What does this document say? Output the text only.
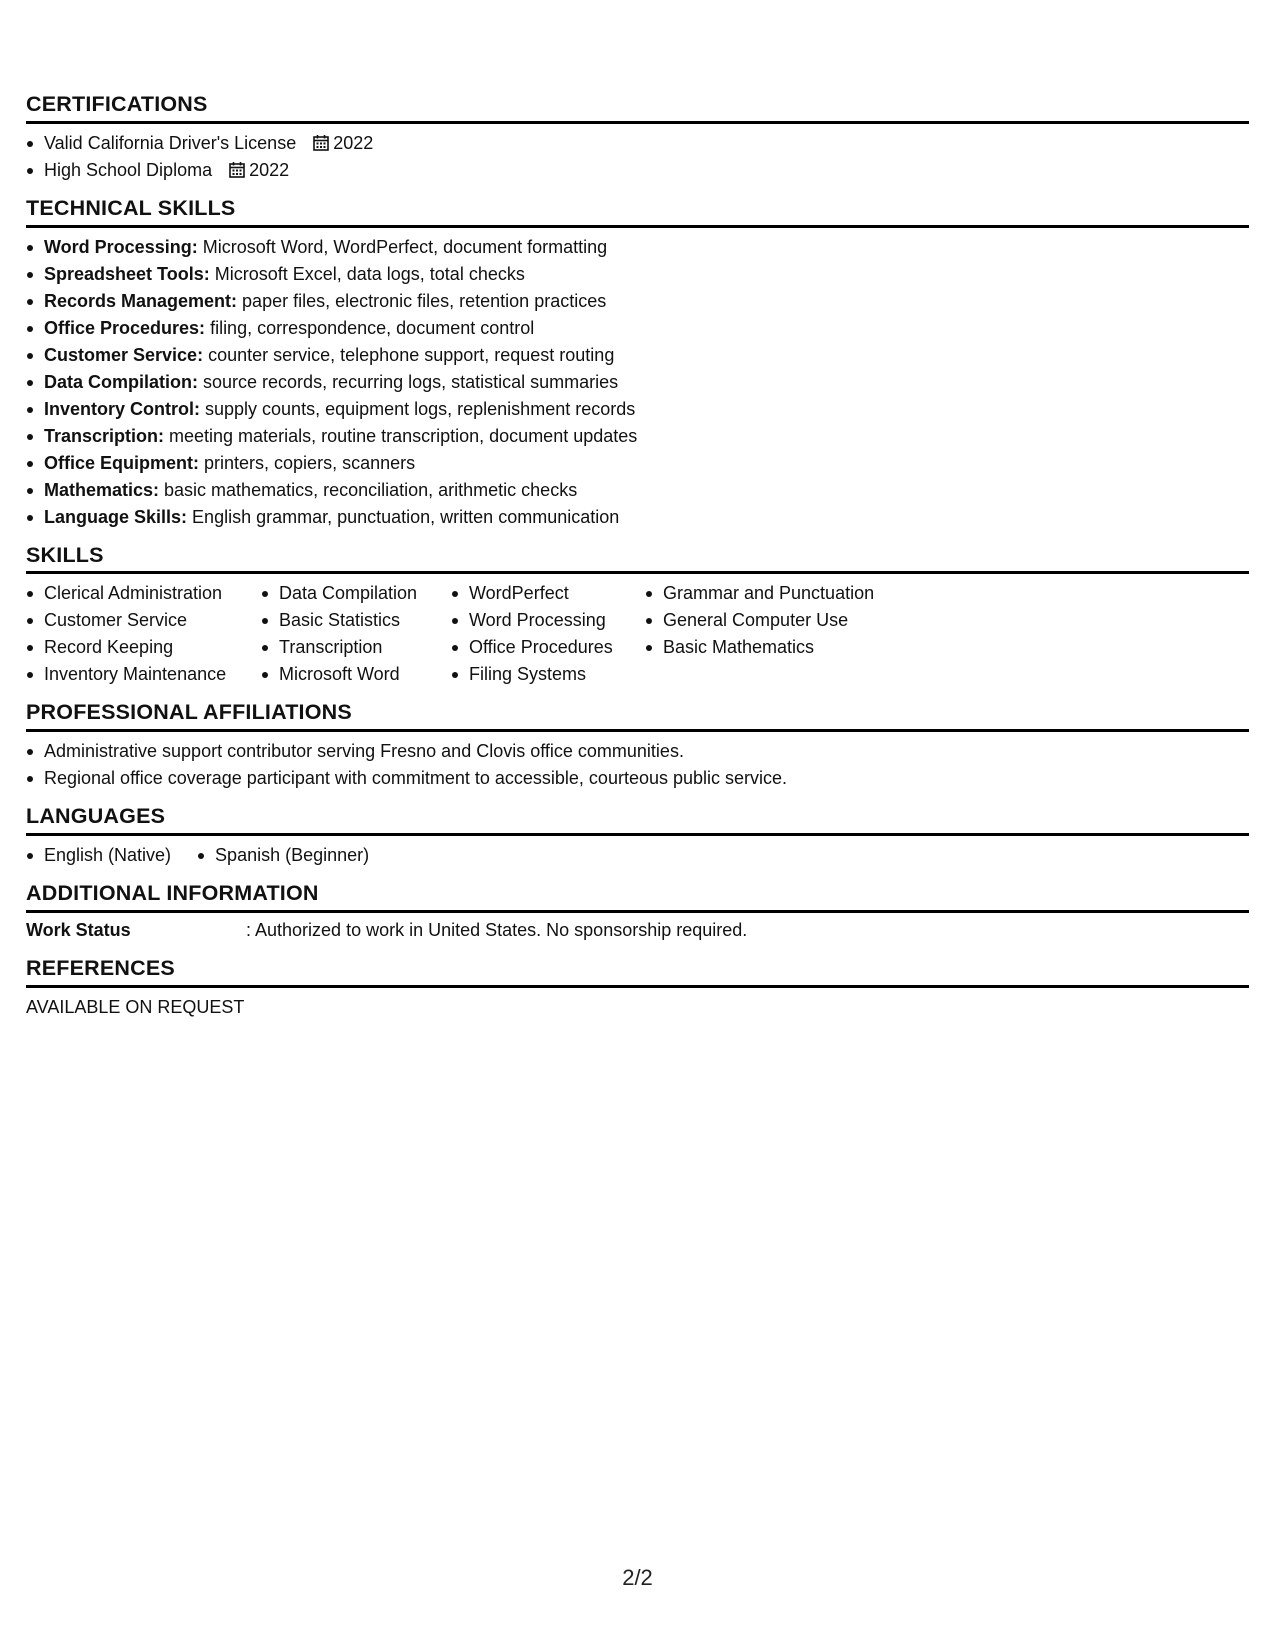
CERTIFICATIONS
Valid California Driver's License 2022
High School Diploma 2022
TECHNICAL SKILLS
Word Processing: Microsoft Word, WordPerfect, document formatting
Spreadsheet Tools: Microsoft Excel, data logs, total checks
Records Management: paper files, electronic files, retention practices
Office Procedures: filing, correspondence, document control
Customer Service: counter service, telephone support, request routing
Data Compilation: source records, recurring logs, statistical summaries
Inventory Control: supply counts, equipment logs, replenishment records
Transcription: meeting materials, routine transcription, document updates
Office Equipment: printers, copiers, scanners
Mathematics: basic mathematics, reconciliation, arithmetic checks
Language Skills: English grammar, punctuation, written communication
SKILLS
Clerical Administration
Customer Service
Record Keeping
Inventory Maintenance
Data Compilation
Basic Statistics
Transcription
Microsoft Word
WordPerfect
Word Processing
Office Procedures
Filing Systems
Grammar and Punctuation
General Computer Use
Basic Mathematics
PROFESSIONAL AFFILIATIONS
Administrative support contributor serving Fresno and Clovis office communities.
Regional office coverage participant with commitment to accessible, courteous public service.
LANGUAGES
English (Native)	Spanish (Beginner)
ADDITIONAL INFORMATION
Work Status	: Authorized to work in United States. No sponsorship required.
REFERENCES
AVAILABLE ON REQUEST
2/2
